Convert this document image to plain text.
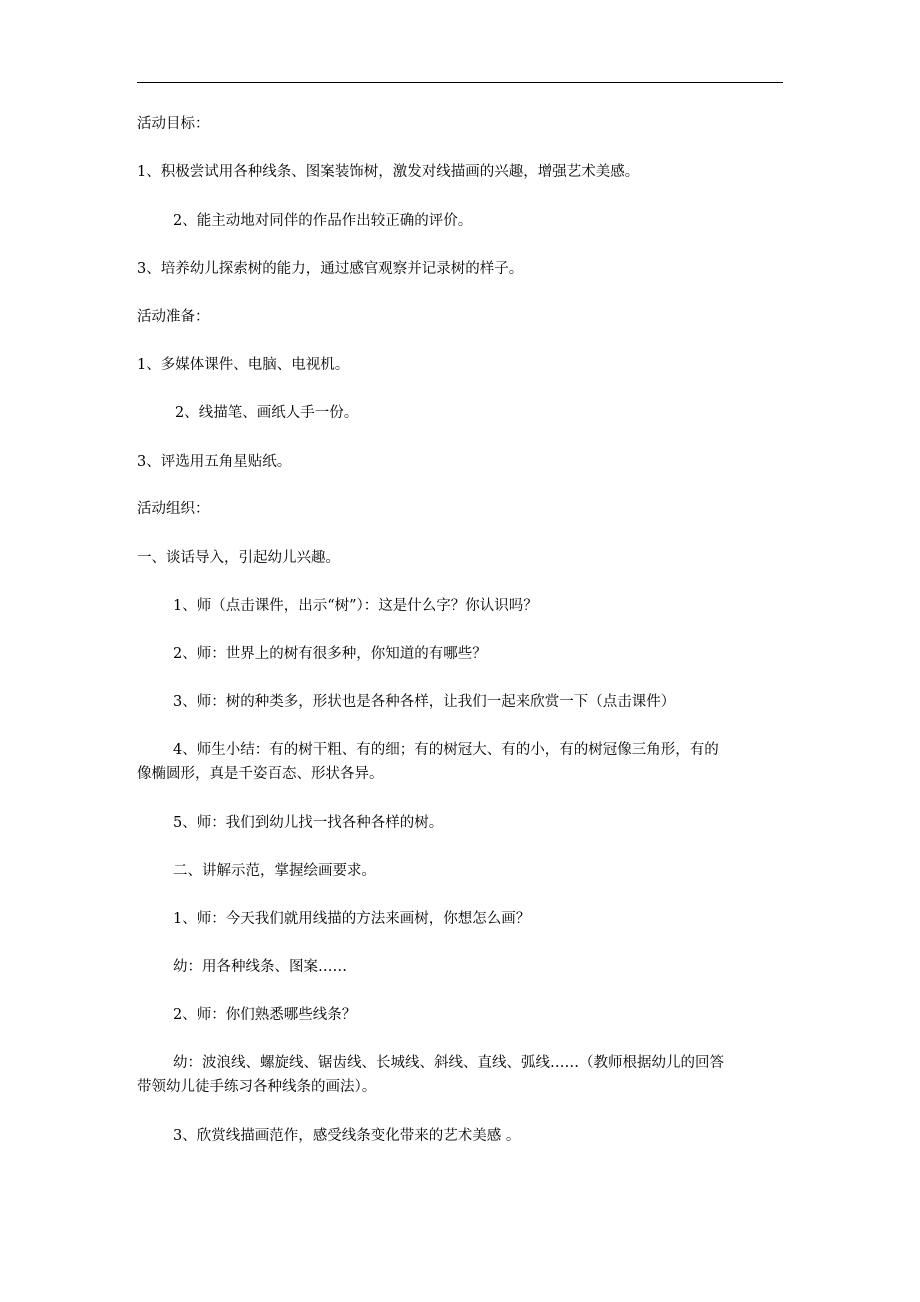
活动目标：
1、积极尝试用各种线条、图案装饰树，激发对线描画的兴趣，增强艺术美感。
2、能主动地对同伴的作品作出较正确的评价。
3、培养幼儿探索树的能力，通过感官观察并记录树的样子。
活动准备：
1、多媒体课件、电脑、电视机。
2、线描笔、画纸人手一份。
3、评选用五角星贴纸。
活动组织：
一、谈话导入，引起幼儿兴趣。
1、师（点击课件，出示“树”）：这是什么字？你认识吗？
2、师：世界上的树有很多种，你知道的有哪些？
3、师：树的种类多，形状也是各种各样，让我们一起来欣赏一下（点击课件）
4、师生小结：有的树干粗、有的细；有的树冠大、有的小，有的树冠像三角形，有的
像椭圆形，真是千姿百态、形状各异。
5、师：我们到幼儿找一找各种各样的树。
二、讲解示范，掌握绘画要求。
1、师：今天我们就用线描的方法来画树，你想怎么画？
幼：用各种线条、图案……
2、师：你们熟悉哪些线条？
幼：波浪线、螺旋线、锯齿线、长城线、斜线、直线、弧线……（教师根据幼儿的回答
带领幼儿徒手练习各种线条的画法）。
3、欣赏线描画范作，感受线条变化带来的艺术美感 。
